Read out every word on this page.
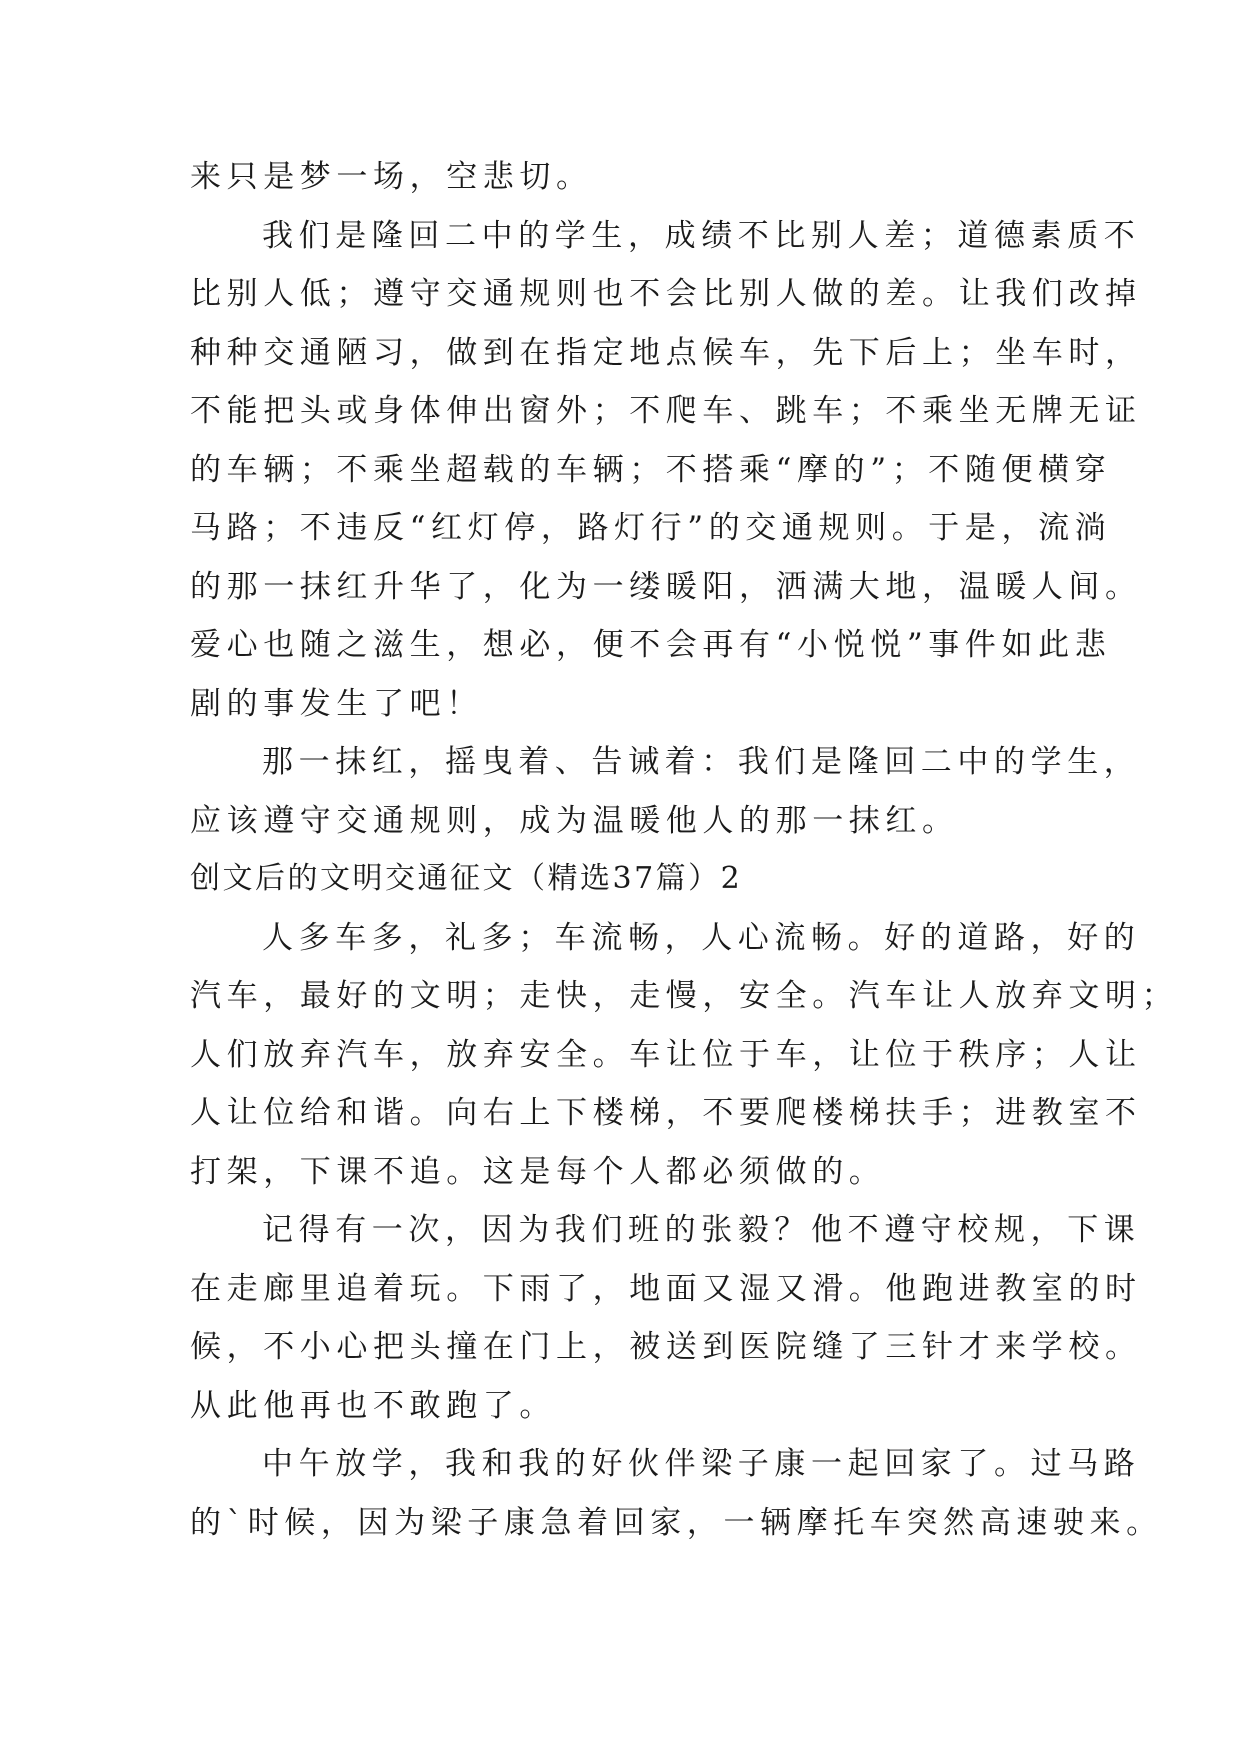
来只是梦一场，空悲切。
我们是隆回二中的学生，成绩不比别人差；道德素质不
比别人低；遵守交通规则也不会比别人做的差。让我们改掉
种种交通陋习，做到在指定地点候车，先下后上；坐车时，
不能把头或身体伸出窗外；不爬车、跳车；不乘坐无牌无证
的车辆；不乘坐超载的车辆；不搭乘“摩的”；不随便横穿
马路；不违反“红灯停，路灯行”的交通规则。于是，流淌
的那一抹红升华了，化为一缕暖阳，洒满大地，温暖人间。
爱心也随之滋生，想必，便不会再有“小悦悦”事件如此悲
剧的事发生了吧！
那一抹红，摇曳着、告诫着：我们是隆回二中的学生，
应该遵守交通规则，成为温暖他人的那一抹红。
创文后的文明交通征文（精选37篇）2
人多车多，礼多；车流畅，人心流畅。好的道路，好的
汽车，最好的文明；走快，走慢，安全。汽车让人放弃文明；
人们放弃汽车，放弃安全。车让位于车，让位于秩序；人让
人让位给和谐。向右上下楼梯，不要爬楼梯扶手；进教室不
打架，下课不追。这是每个人都必须做的。
记得有一次，因为我们班的张毅？他不遵守校规，下课
在走廊里追着玩。下雨了，地面又湿又滑。他跑进教室的时
候，不小心把头撞在门上，被送到医院缝了三针才来学校。
从此他再也不敢跑了。
中午放学，我和我的好伙伴梁子康一起回家了。过马路
的`时候，因为梁子康急着回家，一辆摩托车突然高速驶来。
